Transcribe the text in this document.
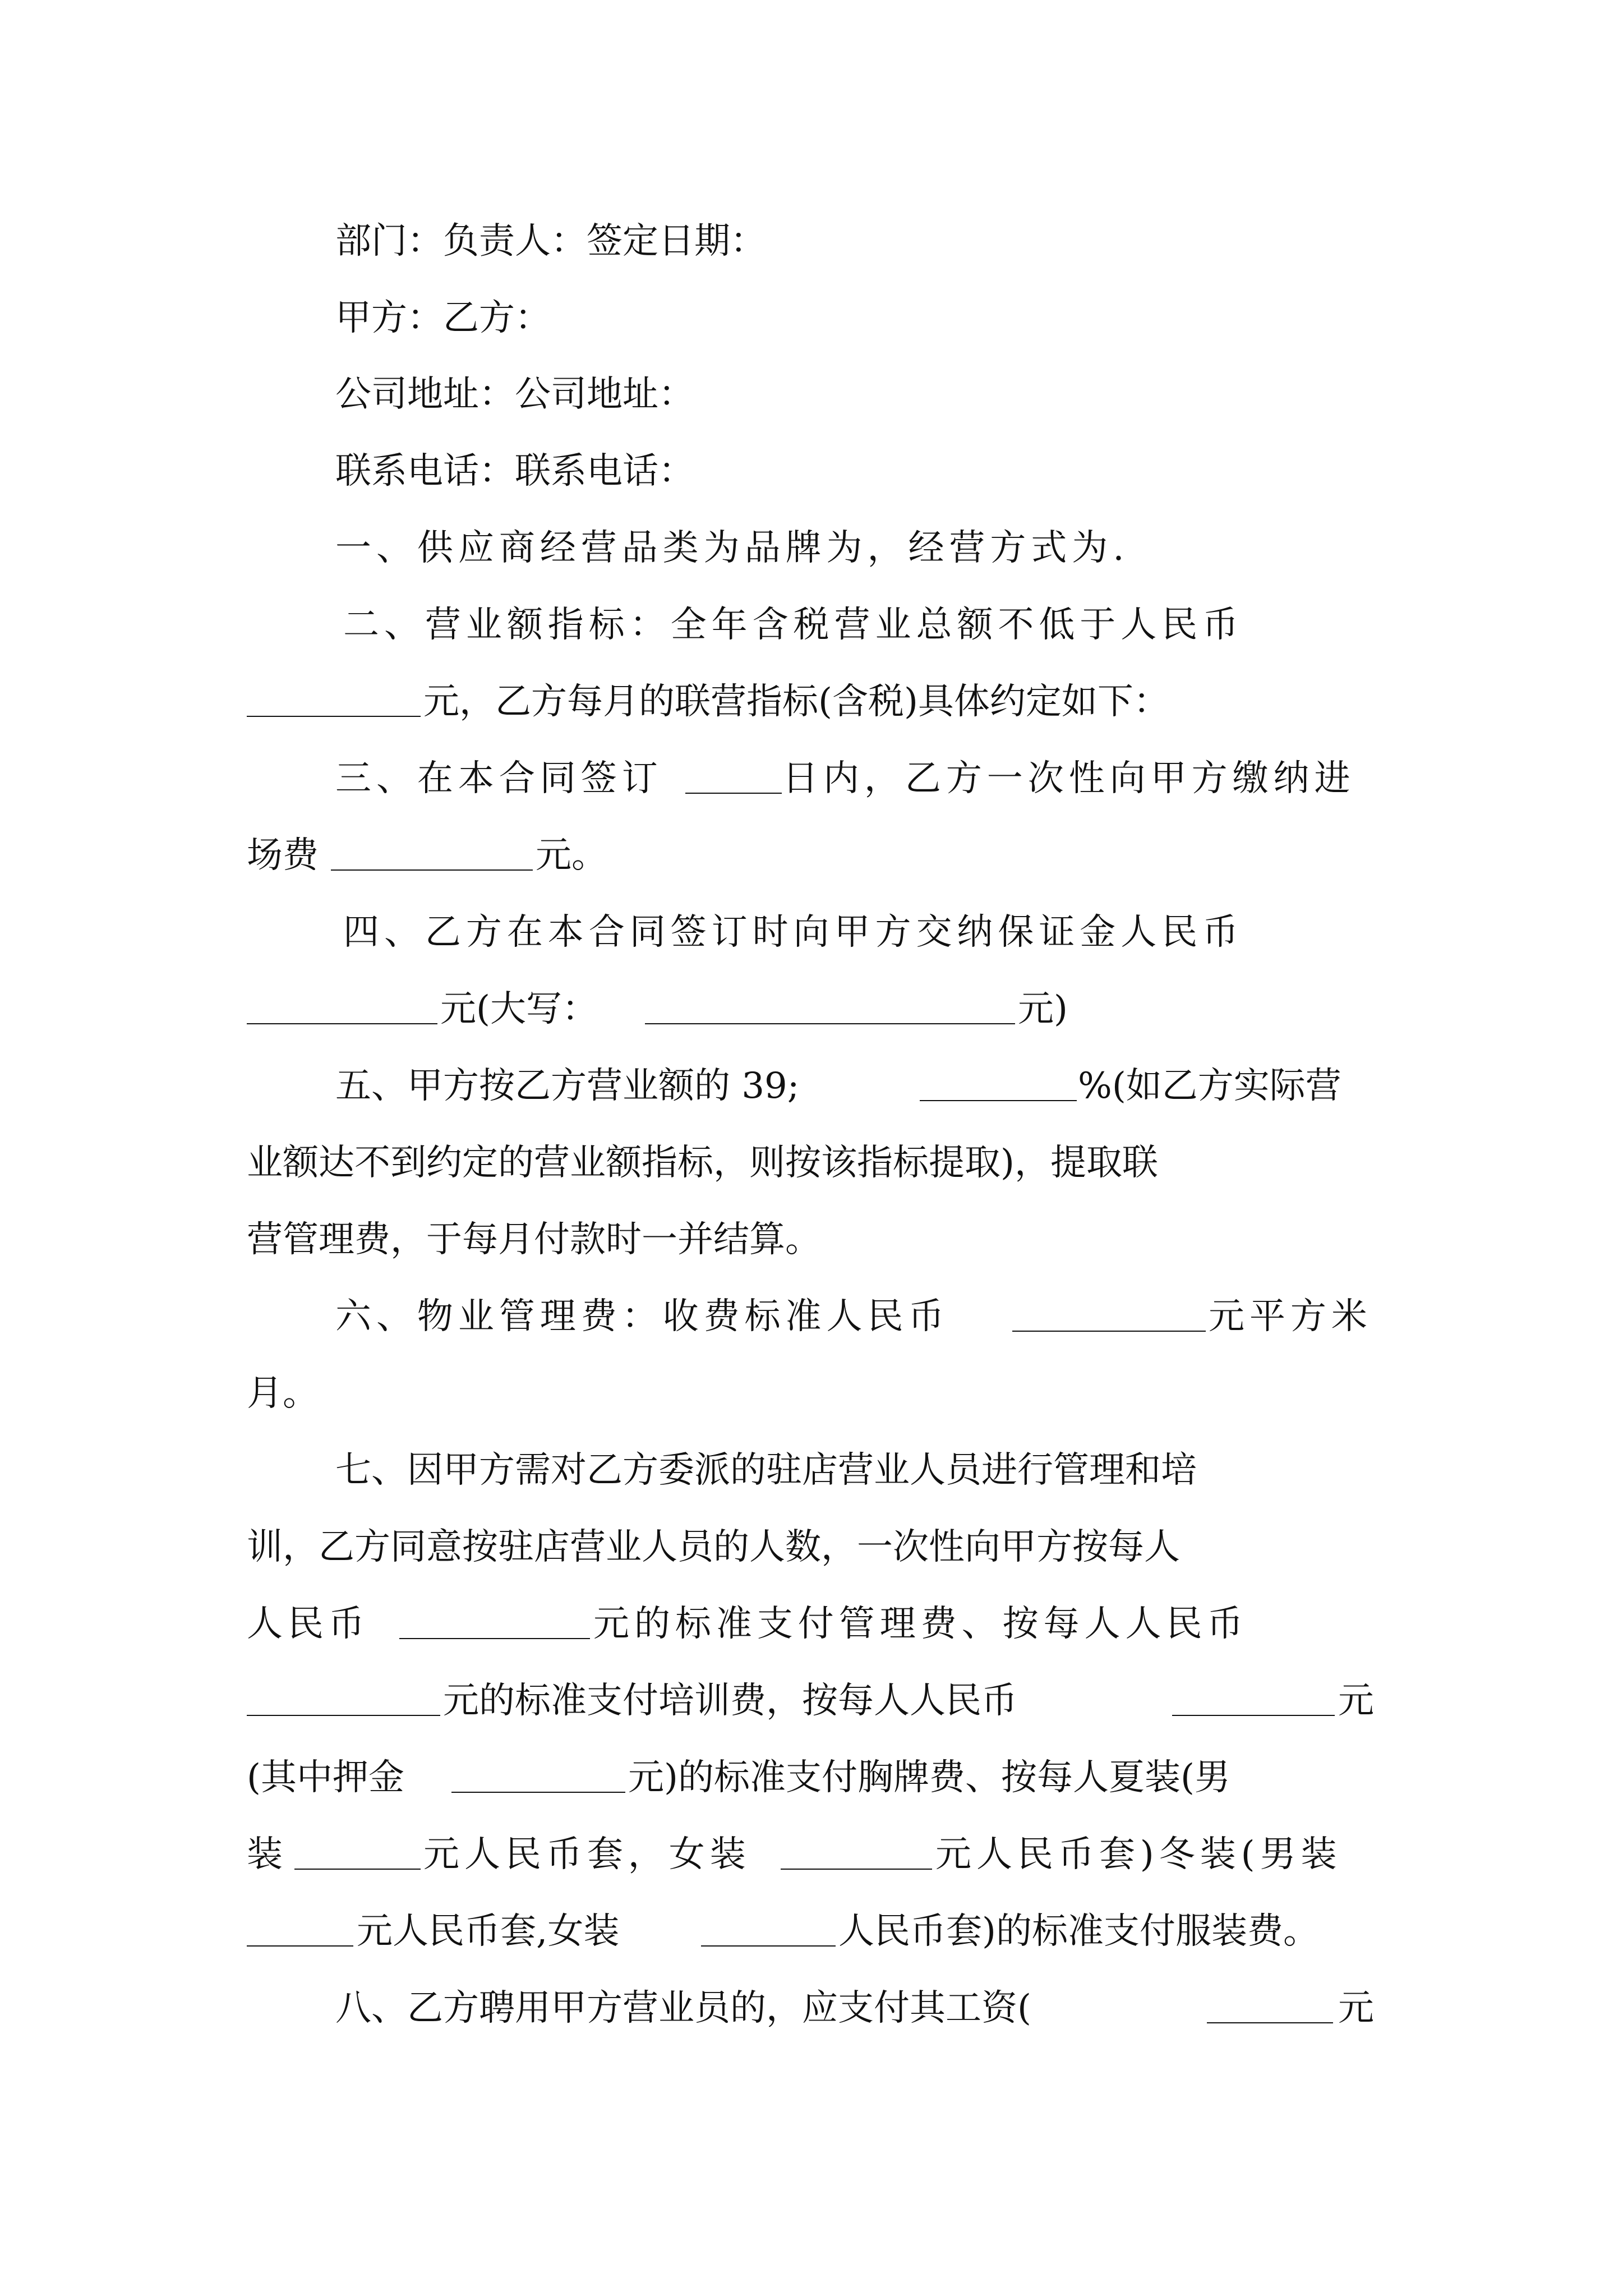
部门：负责人：签定日期：
甲方：乙方：
公司地址：公司地址：
联系电话：联系电话：
一、供应商经营品类为品牌为，经营方式为.
二、营业额指标：全年含税营业总额不低于人民币
元，乙方每月的联营指标(含税)具体约定如下：
三、在本合同签订	日内，乙方一次性向甲方缴纳进
场费	元。
四、乙方在本合同签订时向甲方交纳保证金人民币
元(大写：	元)
五、甲方按乙方营业额的 39;	%(如乙方实际营
业额达不到约定的营业额指标，则按该指标提取)，提取联
营管理费，于每月付款时一并结算。
六、物业管理费：收费标准人民币	元平方米
月。
七、因甲方需对乙方委派的驻店营业人员进行管理和培
训，乙方同意按驻店营业人员的人数，一次性向甲方按每人
人民币	元的标准支付管理费、按每人人民币
元的标准支付培训费，按每人人民币	元
(其中押金	元)的标准支付胸牌费、按每人夏装(男
装	元人民币套，女装	元人民币套)冬装(男装
元人民币套,女装	人民币套)的标准支付服装费。
八、乙方聘用甲方营业员的，应支付其工资(	元
